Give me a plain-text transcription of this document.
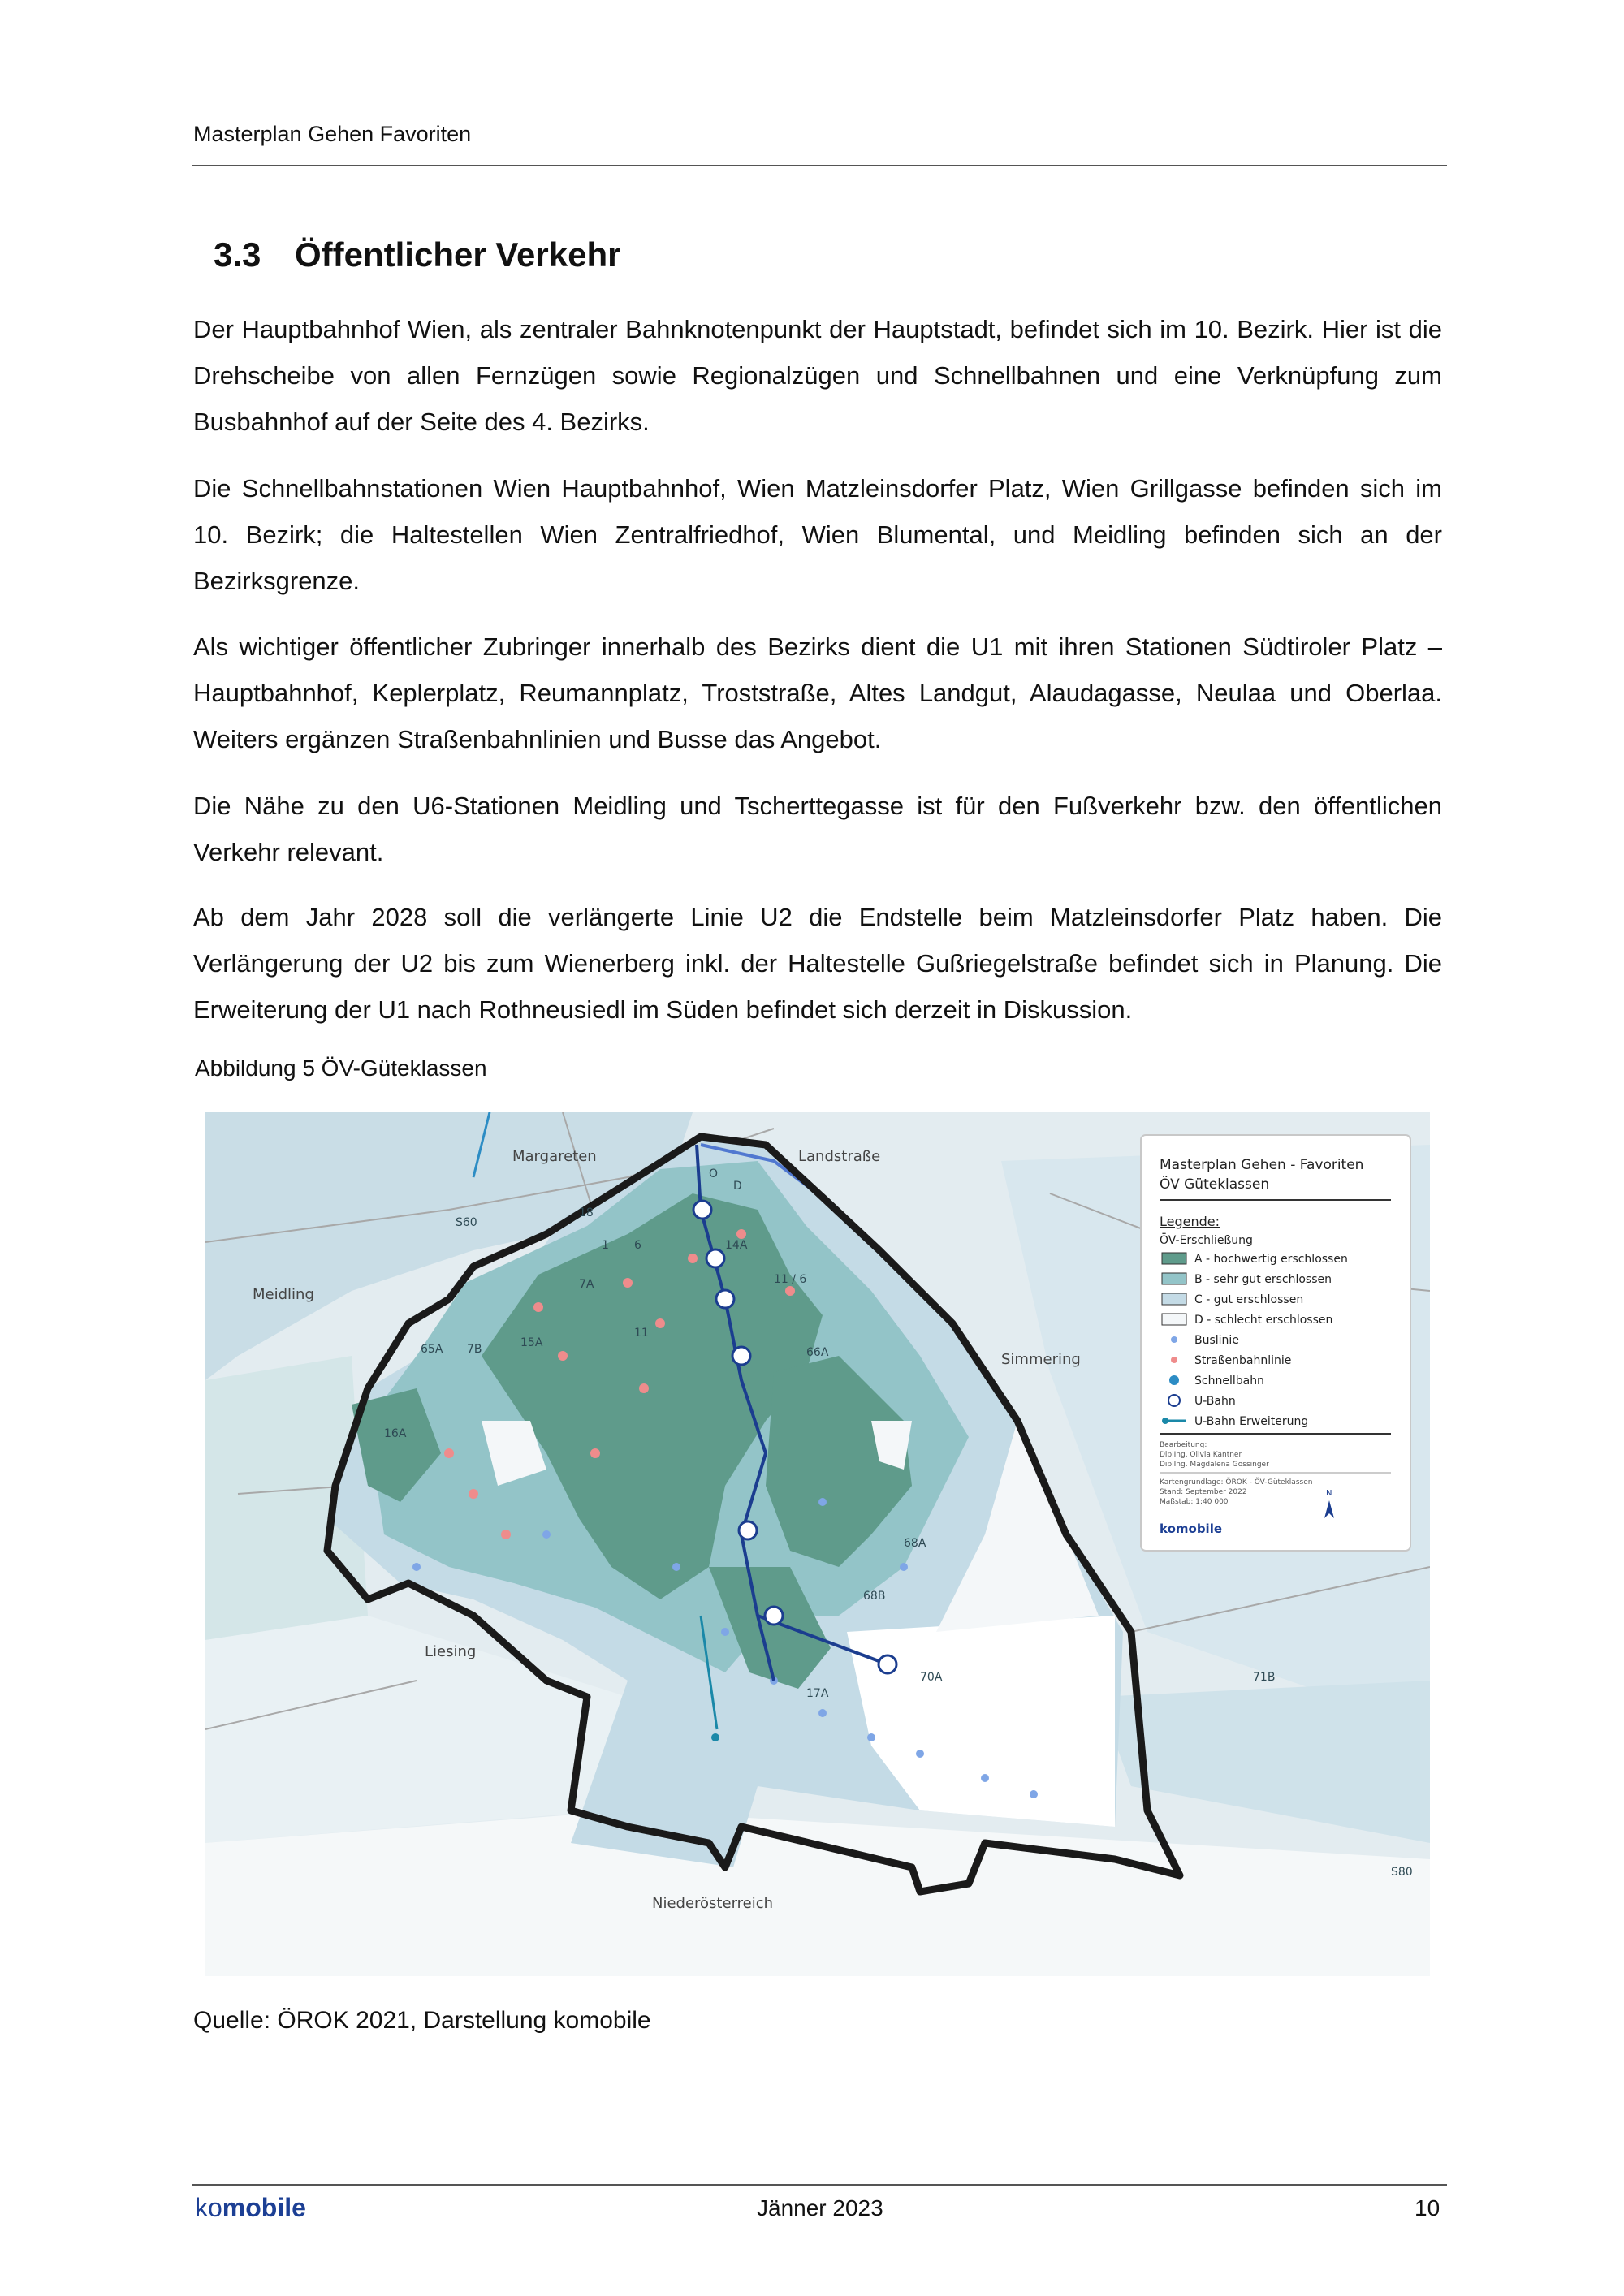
Masterplan Gehen Favoriten
3.3 Öffentlicher Verkehr

Der Hauptbahnhof Wien, als zentraler Bahnknotenpunkt der Hauptstadt, befindet sich im 10. Bezirk. Hier ist die Drehscheibe von allen Fernzügen sowie Regionalzügen und Schnellbahnen und eine Verknüpfung zum Busbahnhof auf der Seite des 4. Bezirks.

Die Schnellbahnstationen Wien Hauptbahnhof, Wien Matzleinsdorfer Platz, Wien Grillgasse befinden sich im 10. Bezirk; die Haltestellen Wien Zentralfriedhof, Wien Blumental, und Meidling befinden sich an der Bezirksgrenze.

Als wichtiger öffentlicher Zubringer innerhalb des Bezirks dient die U1 mit ihren Stationen Südtiroler Platz – Hauptbahnhof, Keplerplatz, Reumannplatz, Troststraße, Altes Landgut, Alaudagasse, Neulaa und Oberlaa. Weiters ergänzen Straßenbahnlinien und Busse das Angebot.

Die Nähe zu den U6-Stationen Meidling und Tscherttegasse ist für den Fußverkehr bzw. den öffentlichen Verkehr relevant.

Ab dem Jahr 2028 soll die verlängerte Linie U2 die Endstelle beim Matzleinsdorfer Platz haben. Die Verlängerung der U2 bis zum Wienerberg inkl. der Haltestelle Gußriegelstraße befindet sich in Planung. Die Erweiterung der U1 nach Rothneusiedl im Süden befindet sich derzeit in Diskussion.

Abbildung 5 ÖV-Güteklassen
Margareten	Landstraße
Meidling
Simmering
Liesing
Niederösterreich
1 6
7A
65A	15A
11
14A
66A
68A
68B
17A
70A
16A
7B
S60
O
D
71B
S80
18
11 / 6
Masterplan Gehen - Favoriten
ÖV Güteklassen
Legende:
ÖV-Erschließung
A - hochwertig erschlossen
B - sehr gut erschlossen
C - gut erschlossen
D - schlecht erschlossen
Buslinie
Straßenbahnlinie
Schnellbahn
U-Bahn
U-Bahn Erweiterung
Bearbeitung:
DiplIng. Olivia Kantner
DiplIng. Magdalena Gössinger
Kartengrundlage: ÖROK - ÖV-Güteklassen
Stand: September 2022
Maßstab: 1:40 000
N
komobile
Quelle: ÖROK 2021, Darstellung komobile
komobile	Jänner 2023	10
